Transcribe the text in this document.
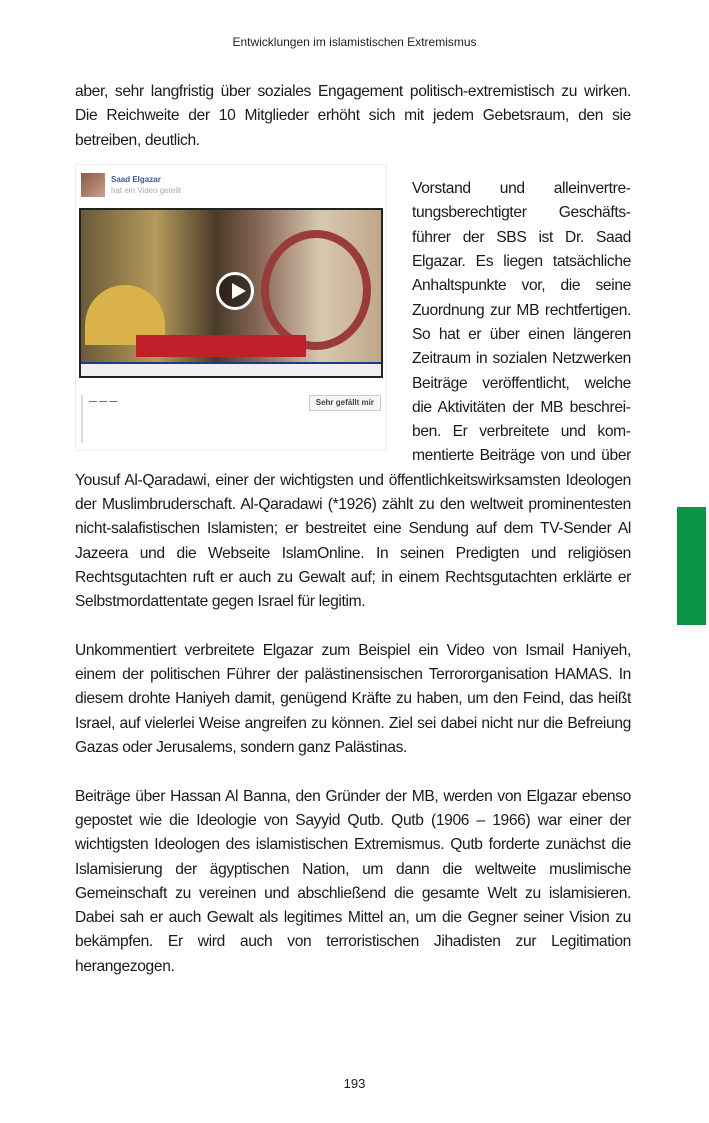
Entwicklungen im islamistischen Extremismus

aber, sehr langfristig über soziales Engagement politisch-extremistisch zu wirken. Die Reichweite der 10 Mitglieder erhöht sich mit jedem Gebetsraum, den sie betreiben, deutlich.

Saad Elgazar
hat ein Video geteilt
— — —	Sehr gefällt mir

Vorstand und alleinvertretungsberechtigter Geschäftsführer der SBS ist Dr. Saad Elgazar. Es liegen tatsächliche Anhaltspunkte vor, die seine Zuordnung zur MB rechtfertigen. So hat er über einen längeren Zeitraum in sozialen Netzwerken Beiträge veröffentlicht, welche die Aktivitäten der MB beschreiben. Er verbreitete und kommentierte Beiträge von und über Yousuf Al-Qaradawi, einer der wichtigsten und öffentlichkeitswirksamsten Ideologen der Muslimbruderschaft. Al-Qaradawi (*1926) zählt zu den weltweit prominentesten nicht-salafistischen Islamisten; er bestreitet eine Sendung auf dem TV-Sender Al Jazeera und die Webseite IslamOnline. In seinen Predigten und religiösen Rechtsgutachten ruft er auch zu Gewalt auf; in einem Rechtsgutachten erklärte er Selbstmordattentate gegen Israel für legitim.

Unkommentiert verbreitete Elgazar zum Beispiel ein Video von Ismail Haniyeh, einem der politischen Führer der palästinensischen Terrororganisation HAMAS. In diesem drohte Haniyeh damit, genügend Kräfte zu haben, um den Feind, das heißt Israel, auf vielerlei Weise angreifen zu können. Ziel sei dabei nicht nur die Befreiung Gazas oder Jerusalems, sondern ganz Palästinas.

Beiträge über Hassan Al Banna, den Gründer der MB, werden von Elgazar ebenso gepostet wie die Ideologie von Sayyid Qutb. Qutb (1906 – 1966) war einer der wichtigsten Ideologen des islamistischen Extremismus. Qutb forderte zunächst die Islamisierung der ägyptischen Nation, um dann die weltweite muslimische Gemeinschaft zu vereinen und abschließend die gesamte Welt zu islamisieren. Dabei sah er auch Gewalt als legitimes Mittel an, um die Gegner seiner Vision zu bekämpfen. Er wird auch von terroristischen Jihadisten zur Legitimation herangezogen.

193
